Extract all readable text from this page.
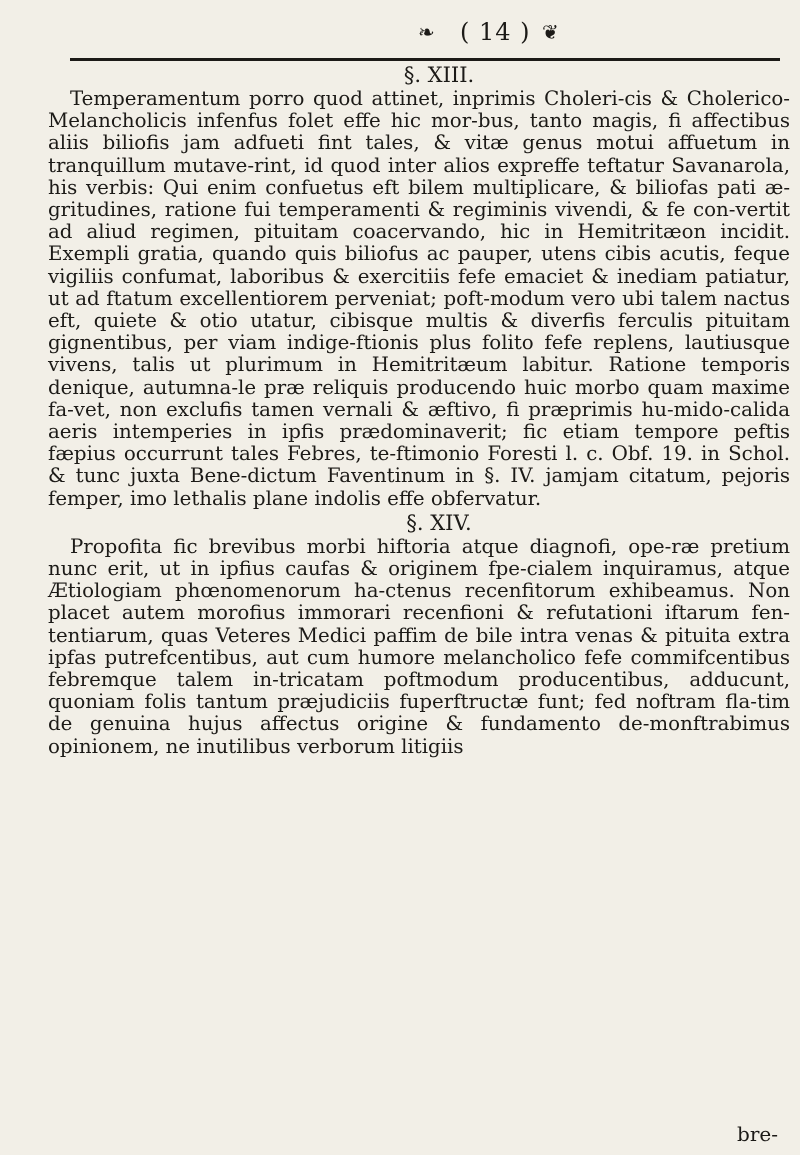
❧ ( 14 ) ❦

§. XIII.

Temperamentum porro quod attinet, inprimis Choleri-cis & Cholerico-Melancholicis infenfus folet effe hic mor-bus, tanto magis, fi affectibus aliis biliofis jam adfueti fint tales, & vitæ genus motui affuetum in tranquillum mutave-rint, id quod inter alios expreffe teftatur Savanarola, his verbis: Qui enim confuetus eft bilem multiplicare, & biliofas pati æ-gritudines, ratione fui temperamenti & regiminis vivendi, & fe con-vertit ad aliud regimen, pituitam coacervando, hic in Hemitritæon incidit. Exempli gratia, quando quis biliofus ac pauper, utens cibis acutis, feque vigiliis confumat, laboribus & exercitiis fefe emaciet & inediam patiatur, ut ad ftatum excellentiorem perveniat; poft-modum vero ubi talem nactus eft, quiete & otio utatur, cibisque multis & diverfis ferculis pituitam gignentibus, per viam indige-ftionis plus folito fefe replens, lautiusque vivens, talis ut plurimum in Hemitritæum labitur. Ratione temporis denique, autumna-le præ reliquis producendo huic morbo quam maxime fa-vet, non exclufis tamen vernali & æftivo, fi præprimis hu-mido-calida aeris intemperies in ipfis prædominaverit; fic etiam tempore peftis fæpius occurrunt tales Febres, te-ftimonio Foresti l. c. Obf. 19. in Schol. & tunc juxta Bene-dictum Faventinum in §. IV. jamjam citatum, pejoris femper, imo lethalis plane indolis effe obfervatur.

§. XIV.

Propofita fic brevibus morbi hiftoria atque diagnofi, ope-ræ pretium nunc erit, ut in ipfius caufas & originem fpe-cialem inquiramus, atque Ætiologiam phœnomenorum ha-ctenus recenfitorum exhibeamus. Non placet autem morofius immorari recenfioni & refutationi iftarum fen-tentiarum, quas Veteres Medici paffim de bile intra venas & pituita extra ipfas putrefcentibus, aut cum humore melancholico fefe commifcentibus febremque talem in-tricatam poftmodum producentibus, adducunt, quoniam folis tantum præjudiciis fuperftructæ funt; fed noftram fla-tim de genuina hujus affectus origine & fundamento de-monftrabimus opinionem, ne inutilibus verborum litigiis

bre-
